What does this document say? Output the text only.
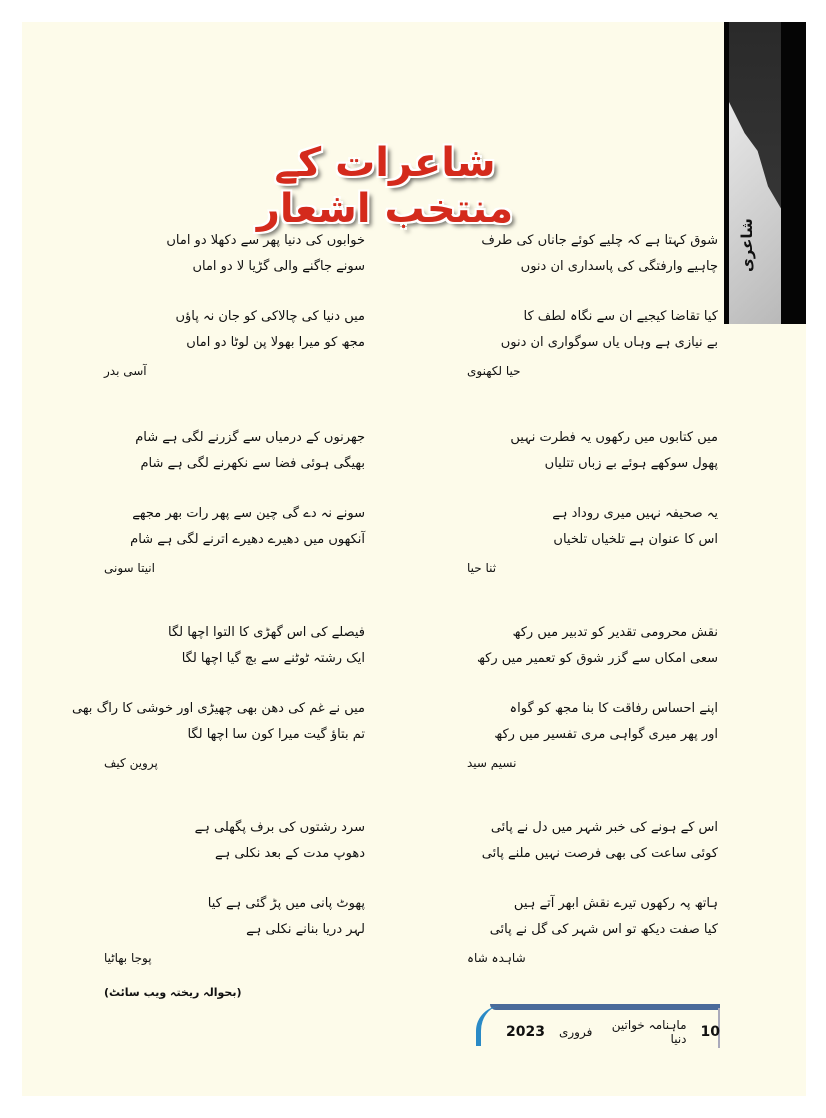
شاعری
شاعرات کے منتخب اشعار
شوق کہتا ہے کہ چلیے کوئے جاناں کی طرف
چاہیے وارفتگی کی پاسداری ان دنوں
کیا تقاضا کیجیے ان سے نگاہ لطف کا
بے نیازی ہے وہاں یاں سوگواری ان دنوں
حیا لکھنوی
خوابوں کی دنیا پھر سے دکھلا دو اماں
سونے جاگنے والی گڑیا لا دو اماں
میں دنیا کی چالاکی کو جان نہ پاؤں
مجھ کو میرا بھولا پن لوٹا دو اماں
آسی بدر
میں کتابوں میں رکھوں یہ فطرت نہیں
پھول سوکھے ہوئے بے زباں تتلیاں
یہ صحیفہ نہیں میری روداد ہے
اس کا عنوان ہے تلخیاں تلخیاں
ثنا حیا
جھرنوں کے درمیاں سے گزرنے لگی ہے شام
بھیگی ہوئی فضا سے نکھرنے لگی ہے شام
سونے نہ دے گی چین سے پھر رات بھر مجھے
آنکھوں میں دھیرے دھیرے اترنے لگی ہے شام
انیتا سونی
نقش محرومی تقدیر کو تدبیر میں رکھ
سعی امکاں سے گزر شوق کو تعمیر میں رکھ
اپنے احساس رفاقت کا بنا مجھ کو گواہ
اور پھر میری گواہی مری تفسیر میں رکھ
نسیم سید
فیصلے کی اس گھڑی کا التوا اچھا لگا
ایک رشتہ ٹوٹنے سے بچ گیا اچھا لگا
میں نے غم کی دھن بھی چھیڑی اور خوشی کا راگ بھی
تم بتاؤ گیت میرا کون سا اچھا لگا
پروین کیف
اس کے ہونے کی خبر شہر میں دل نے پائی
کوئی ساعت کی بھی فرصت نہیں ملنے پائی
ہاتھ پہ رکھوں تیرے نقش ابھر آتے ہیں
کیا صفت دیکھ تو اس شہر کی گل نے پائی
شاہدہ شاہ
سرد رشتوں کی برف پگھلی ہے
دھوپ مدت کے بعد نکلی ہے
پھوٹ پانی میں پڑ گئی ہے کیا
لہر دریا بنانے نکلی ہے
پوجا بھاٹیا
(بحوالہ ریختہ ویب سائٹ)
2023 فروری	ماہنامہ خواتین دنیا 10
